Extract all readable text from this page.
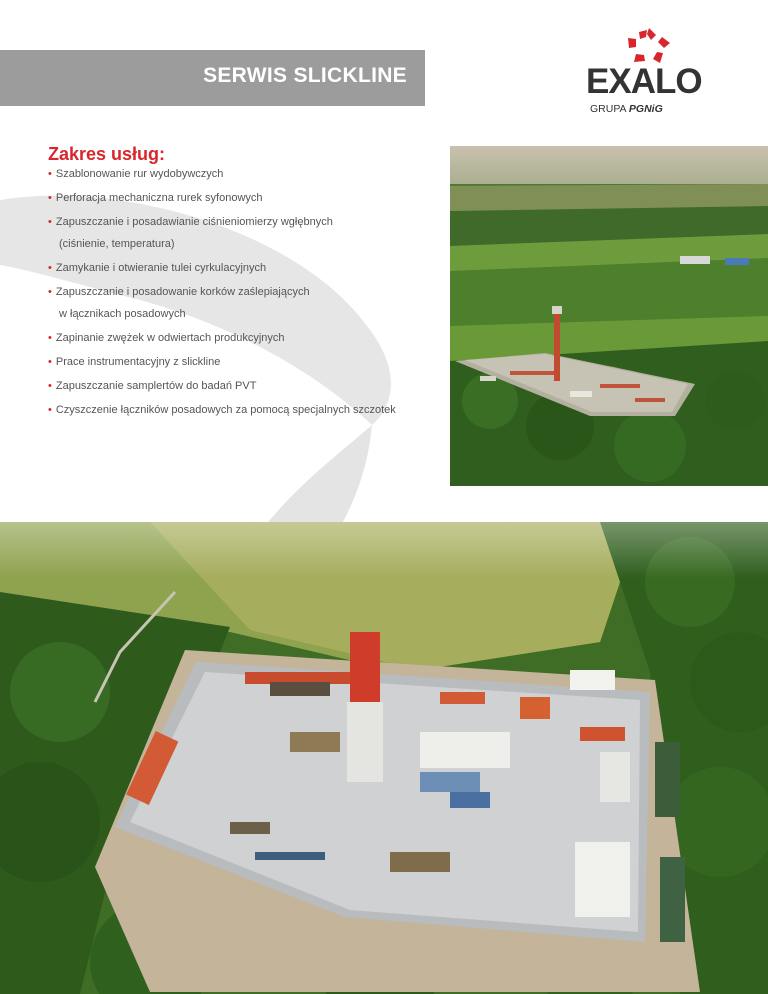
SERWIS SLICKLINE	EXALO
GRUPA PGNiG
Zakres usług:
• Szablonowanie rur wydobywczych
• Perforacja mechaniczna rurek syfonowych
• Zapuszczanie i posadawianie ciśnieniomierzy wgłębnych
(ciśnienie, temperatura)
• Zamykanie i otwieranie tulei cyrkulacyjnych
• Zapuszczanie i posadowanie korków zaślepiających
w łącznikach posadowych
• Zapinanie zwężek w odwiertach produkcyjnych
• Prace instrumentacyjny z slickline
• Zapuszczanie samplertów do badań PVT
• Czyszczenie łączników posadowych za pomocą specjalnych szczotek
